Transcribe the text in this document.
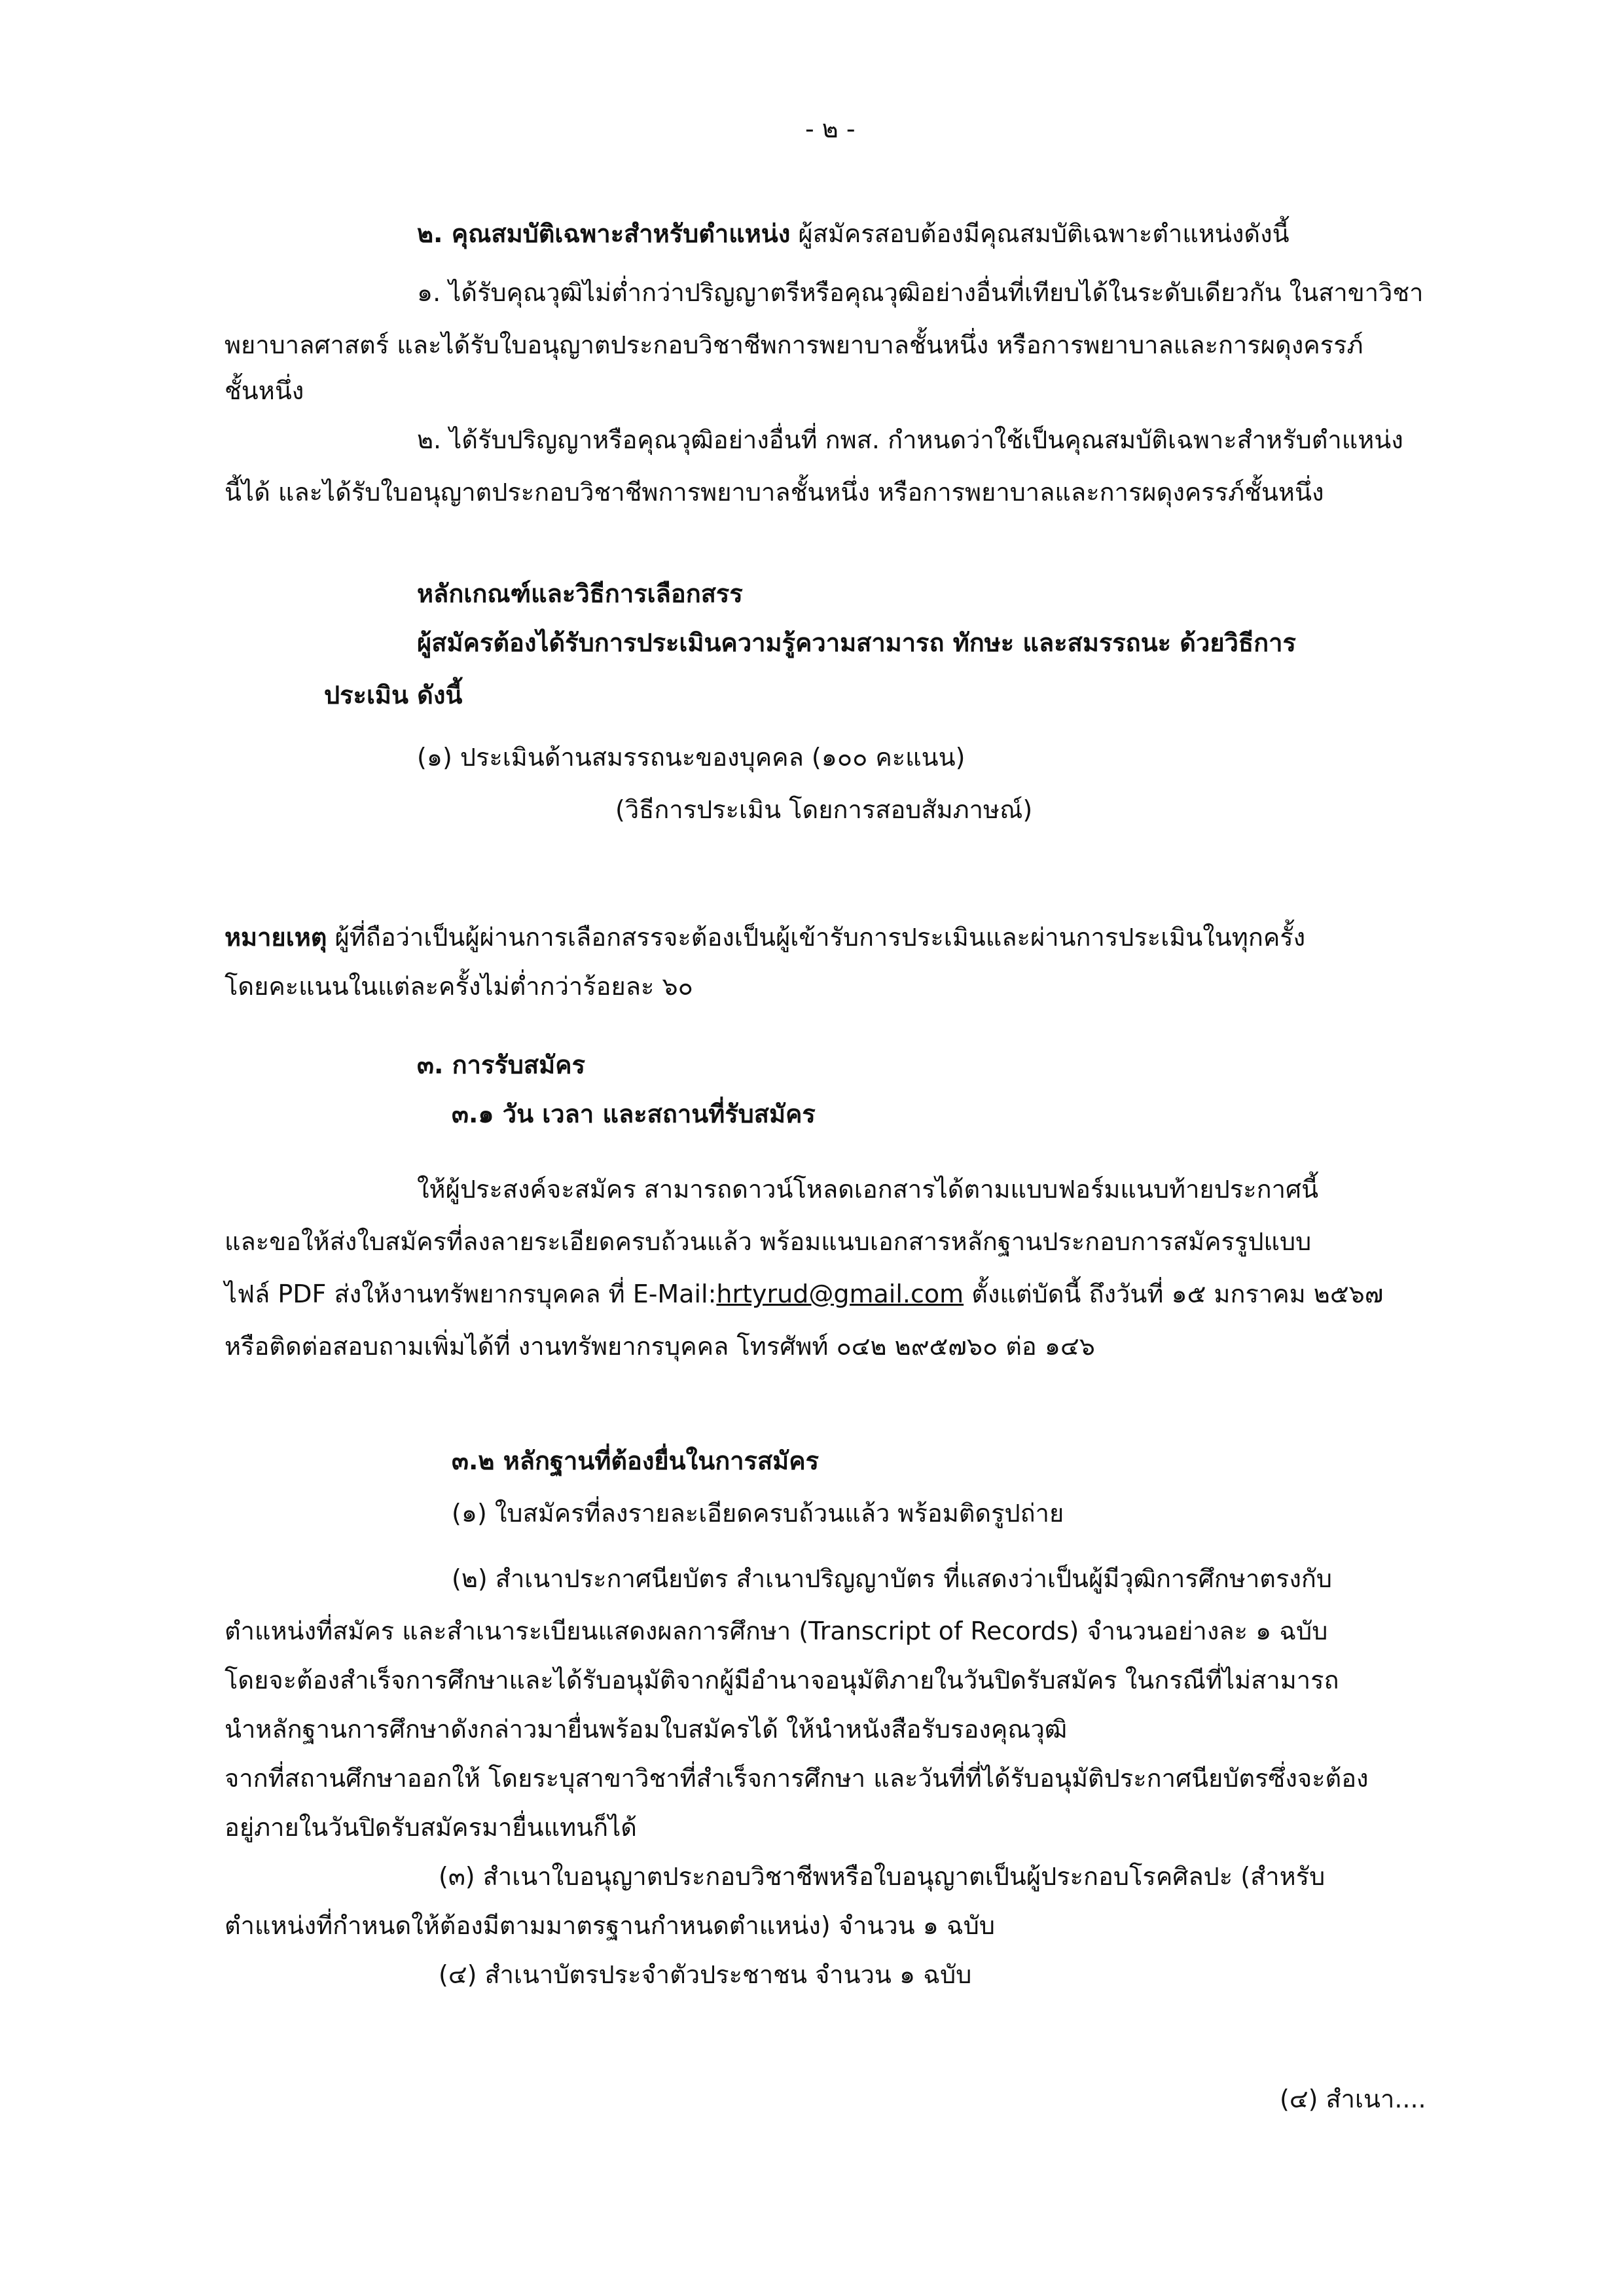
- ๒ -
๒. คุณสมบัติเฉพาะสำหรับตำแหน่ง ผู้สมัครสอบต้องมีคุณสมบัติเฉพาะตำแหน่งดังนี้
๑. ได้รับคุณวุฒิไม่ต่ำกว่าปริญญาตรีหรือคุณวุฒิอย่างอื่นที่เทียบได้ในระดับเดียวกัน ในสาขาวิชา
พยาบาลศาสตร์ และได้รับใบอนุญาตประกอบวิชาชีพการพยาบาลชั้นหนึ่ง หรือการพยาบาลและการผดุงครรภ์
ชั้นหนึ่ง
๒. ได้รับปริญญาหรือคุณวุฒิอย่างอื่นที่ กพส. กำหนดว่าใช้เป็นคุณสมบัติเฉพาะสำหรับตำแหน่ง
นี้ได้ และได้รับใบอนุญาตประกอบวิชาชีพการพยาบาลชั้นหนึ่ง หรือการพยาบาลและการผดุงครรภ์ชั้นหนึ่ง
หลักเกณฑ์และวิธีการเลือกสรร
ผู้สมัครต้องได้รับการประเมินความรู้ความสามารถ ทักษะ และสมรรถนะ ด้วยวิธีการ
ประเมิน ดังนี้
(๑) ประเมินด้านสมรรถนะของบุคคล (๑๐๐ คะแนน)
(วิธีการประเมิน โดยการสอบสัมภาษณ์)
หมายเหตุ ผู้ที่ถือว่าเป็นผู้ผ่านการเลือกสรรจะต้องเป็นผู้เข้ารับการประเมินและผ่านการประเมินในทุกครั้ง
โดยคะแนนในแต่ละครั้งไม่ต่ำกว่าร้อยละ ๖๐
๓. การรับสมัคร
๓.๑ วัน เวลา และสถานที่รับสมัคร
ให้ผู้ประสงค์จะสมัคร สามารถดาวน์โหลดเอกสารได้ตามแบบฟอร์มแนบท้ายประกาศนี้
และขอให้ส่งใบสมัครที่ลงลายระเอียดครบถ้วนแล้ว พร้อมแนบเอกสารหลักฐานประกอบการสมัครรูปแบบ
ไฟล์ PDF ส่งให้งานทรัพยากรบุคคล ที่ E-Mail:hrtyrud@gmail.com ตั้งแต่บัดนี้ ถึงวันที่ ๑๕ มกราคม ๒๕๖๗
หรือติดต่อสอบถามเพิ่มได้ที่ งานทรัพยากรบุคคล โทรศัพท์ ๐๔๒ ๒๙๕๗๖๐ ต่อ ๑๔๖
๓.๒ หลักฐานที่ต้องยื่นในการสมัคร
(๑) ใบสมัครที่ลงรายละเอียดครบถ้วนแล้ว พร้อมติดรูปถ่าย
(๒) สำเนาประกาศนียบัตร สำเนาปริญญาบัตร ที่แสดงว่าเป็นผู้มีวุฒิการศึกษาตรงกับ
ตำแหน่งที่สมัคร และสำเนาระเบียนแสดงผลการศึกษา (Transcript of Records) จำนวนอย่างละ ๑ ฉบับ
โดยจะต้องสำเร็จการศึกษาและได้รับอนุมัติจากผู้มีอำนาจอนุมัติภายในวันปิดรับสมัคร ในกรณีที่ไม่สามารถ
นำหลักฐานการศึกษาดังกล่าวมายื่นพร้อมใบสมัครได้ ให้นำหนังสือรับรองคุณวุฒิ
จากที่สถานศึกษาออกให้ โดยระบุสาขาวิชาที่สำเร็จการศึกษา และวันที่ที่ได้รับอนุมัติประกาศนียบัตรซึ่งจะต้อง
อยู่ภายในวันปิดรับสมัครมายื่นแทนก็ได้
(๓) สำเนาใบอนุญาตประกอบวิชาชีพหรือใบอนุญาตเป็นผู้ประกอบโรคศิลปะ (สำหรับ
ตำแหน่งที่กำหนดให้ต้องมีตามมาตรฐานกำหนดตำแหน่ง) จำนวน ๑ ฉบับ
(๔) สำเนาบัตรประจำตัวประชาชน จำนวน ๑ ฉบับ
(๔) สำเนา....
